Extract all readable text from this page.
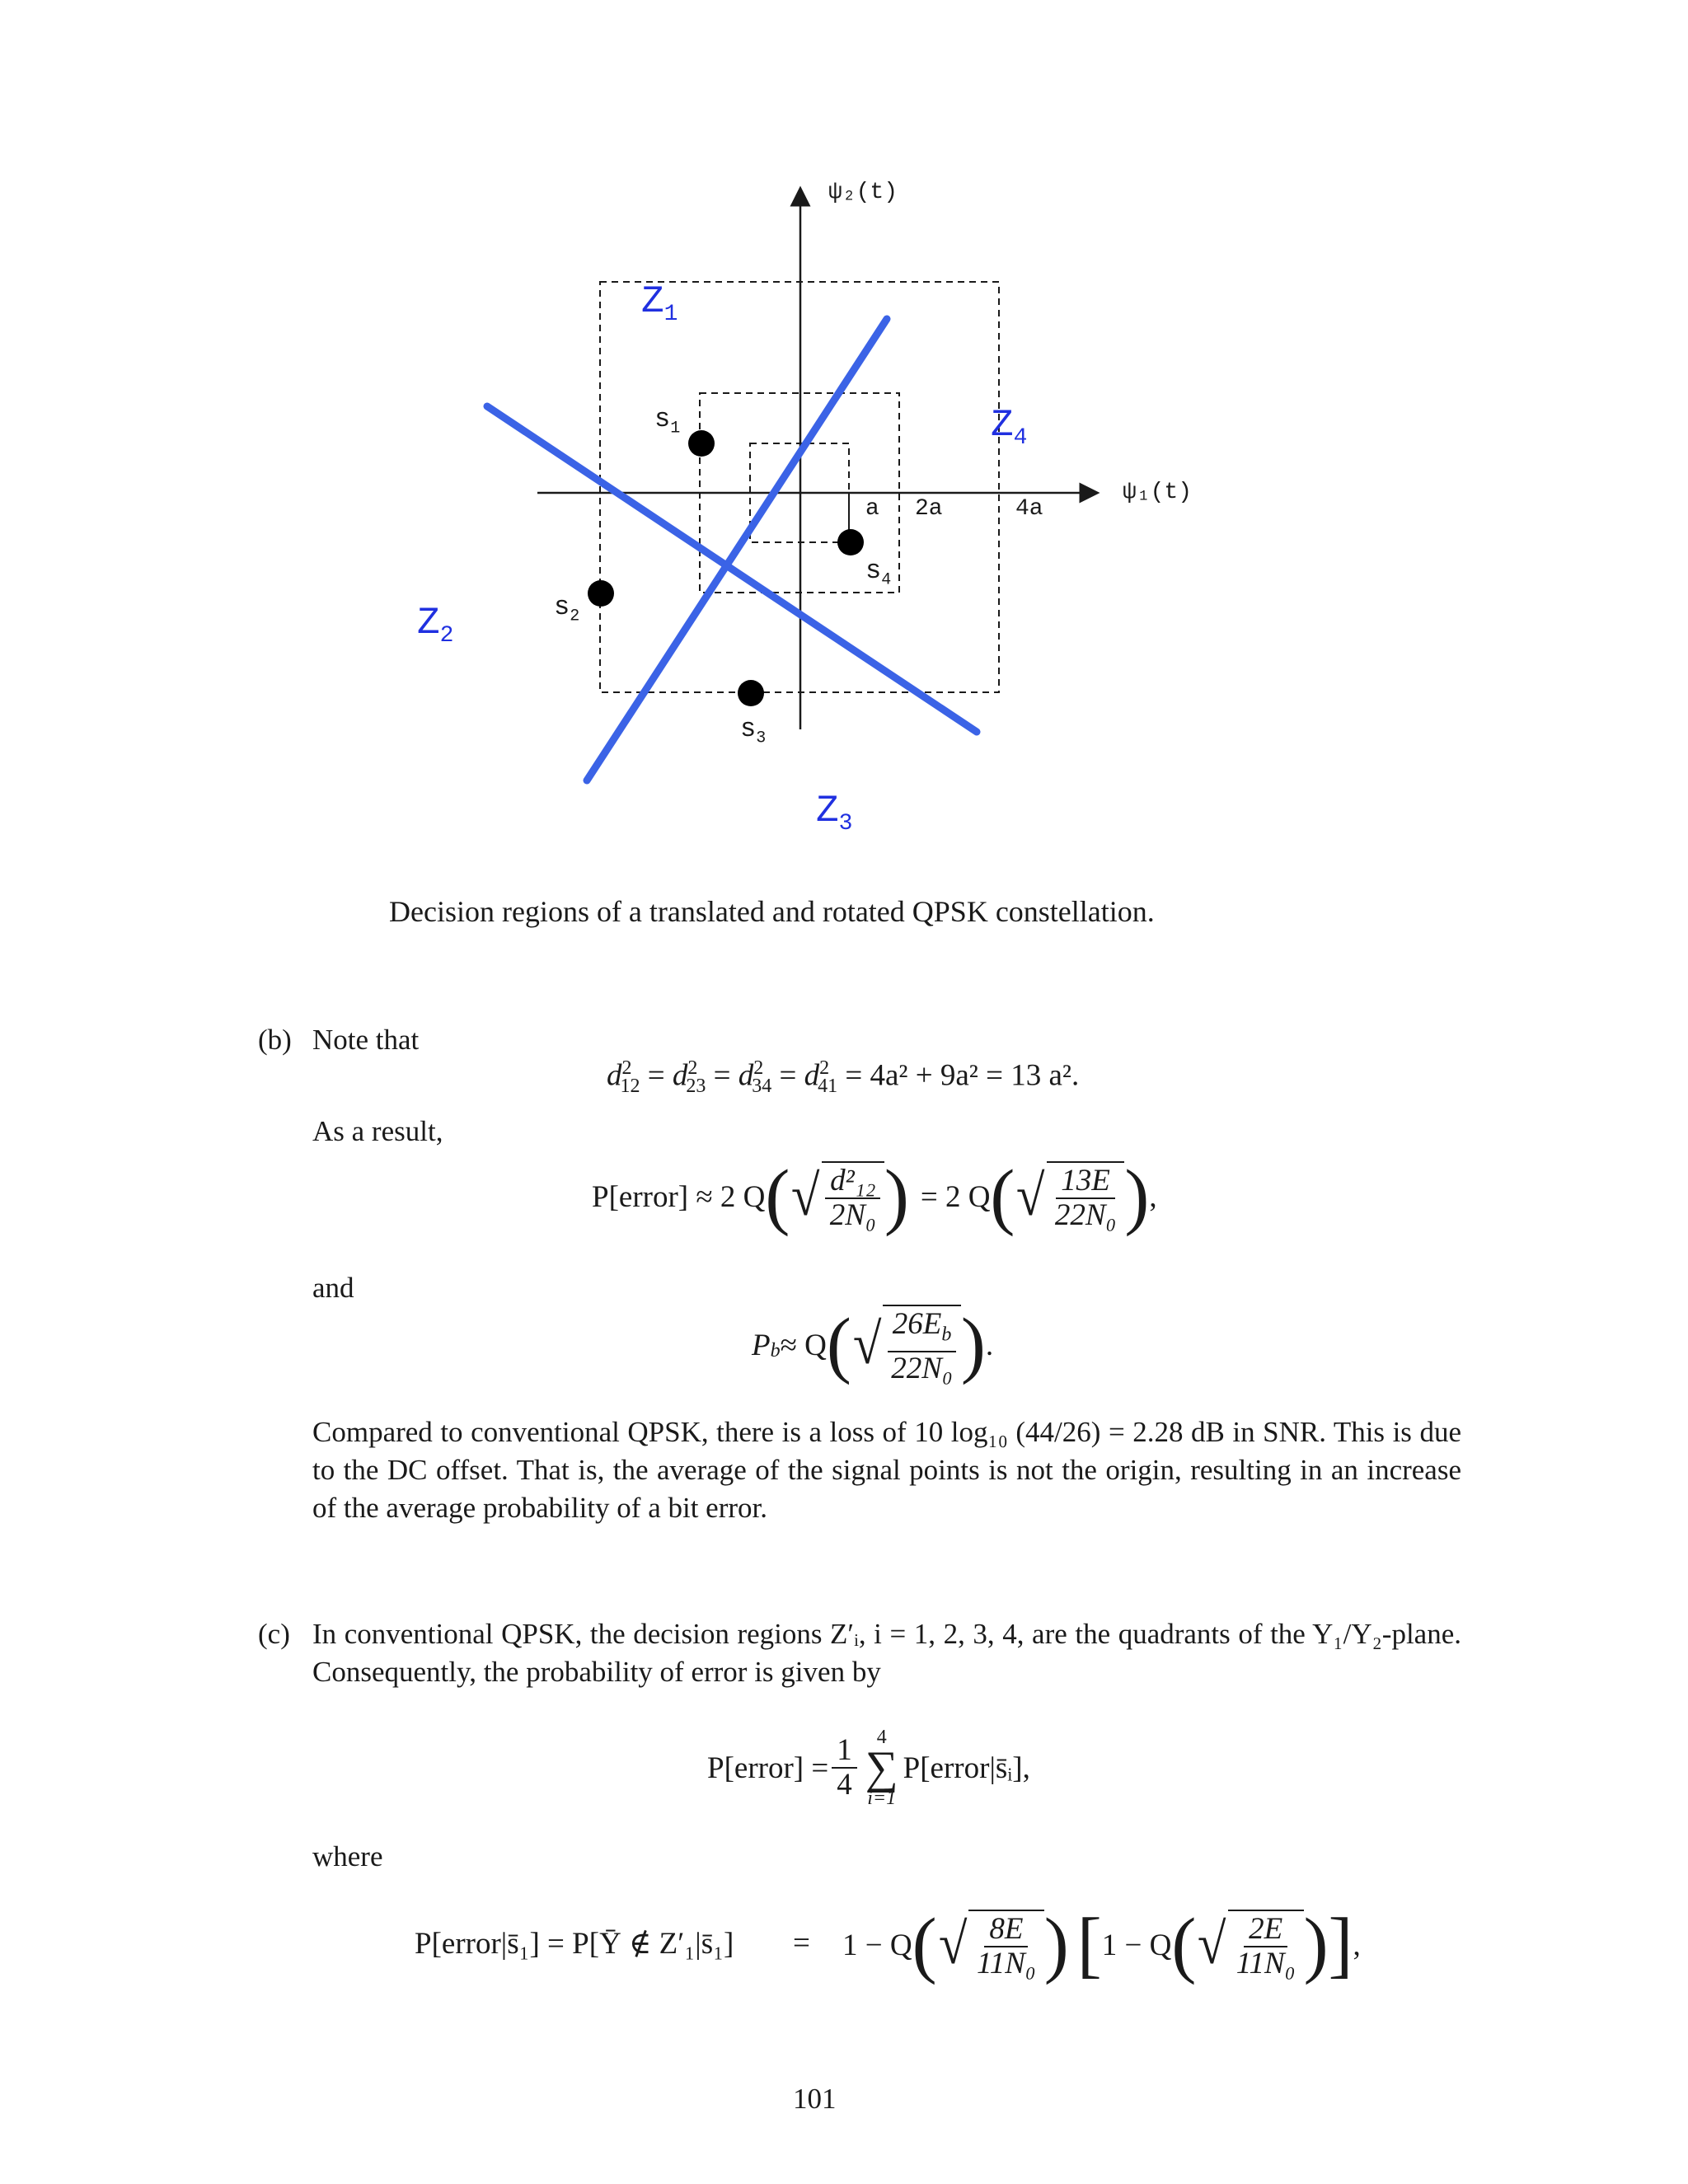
ψ₂(t)
ψ₁(t)
a 2a	4a
$Z_1$
$Z_2$
$Z_3$
$Z_4$
$s_1$
$s_2$
$s_3$
$s_4$
Decision regions of a translated and rotated QPSK constellation.
(b) Note that
$d^2_{12} = d^2_{23} = d^2_{34} = d^2_{41} = 4a^2 + 9a^2 = 13$ a².
As a result,
P[error] ≈ 2 Q ( √ $\frac{\text{d²₁₂}}{\text{2N₀}}$ ) = 2 Q ( √ $\frac{13E}{\text{22N₀}}$ ) ,
and
P b ≈ Q ( √ $\frac{26E_b}{\text{22N₀}}$ ) .
Compared to conventional QPSK, there is a loss of 10 log₁₀ (44/26) = 2.28 dB in SNR. This is due to the DC offset. That is, the average of the signal points is not the origin, resulting in an increase of the average probability of a bit error.
(c) In conventional QPSK, the decision regions Z′ᵢ, i = 1, 2, 3, 4, are the quadrants of the Y₁/Y₂-plane. Consequently, the probability of error is given by
P[error] = $\frac{1}{4} 4$
∑
i=1
P[error|s̄ᵢ],
where
P[error|s̄₁] = P[Ȳ ∉ Z′₁|s̄₁] = 1 − Q ( √ $\frac{8E}{\text{11N₀}}$ ) [ 1 − Q ( √ $\frac{2E}{\text{11N₀}}$ ) ] ,
101
